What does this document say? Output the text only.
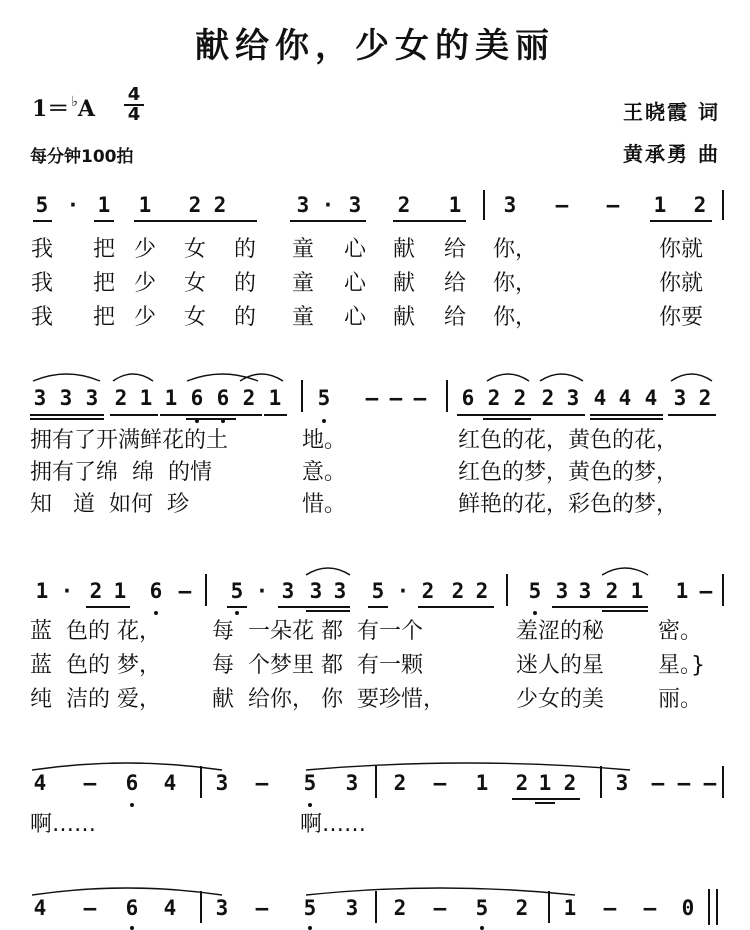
献给你，少女的美丽
1＝ ♭A
4
4
每分钟100拍
王晓霞 词
黄承勇 曲
5 · 1 1 2 2	3 · 3 2 1 3 – – 1 2
我 把 少 女 的 童 心 献 给 你，	你就
我 把 少 女 的 童 心 献 给 你，	你就
我 把 少 女 的 童 心 献 给 你，	你要
3 3 3 2 1 1 6 6 2 1 5 – – – 6 2 2 2 3 4 4 4 3 2
拥有了开满鲜花的土	地。	红色的花，黄色的花，
拥有了绵  绵  的情	意。	红色的梦，黄色的梦，
知   道  如何  珍	惜。	鲜艳的花，彩色的梦，
1 · 2 1 6 – 5 · 3 3 3 5 · 2 2 2 5 3 3 2 1 1 –
蓝  色的 花， 每  一朵花 都  有一个	羞涩的秘 密。
蓝  色的 梦， 每  个梦里 都  有一颗	迷人的星 星。}
纯  洁的 爱， 献  给你， 你  要珍惜，	少女的美 丽。
4 – 6 4 3 – 5 3 2 – 1 2 1 2 3 – – –
啊……	啊……
4 – 6 4 3 – 5 3 2 – 5 2 1 – – 0
